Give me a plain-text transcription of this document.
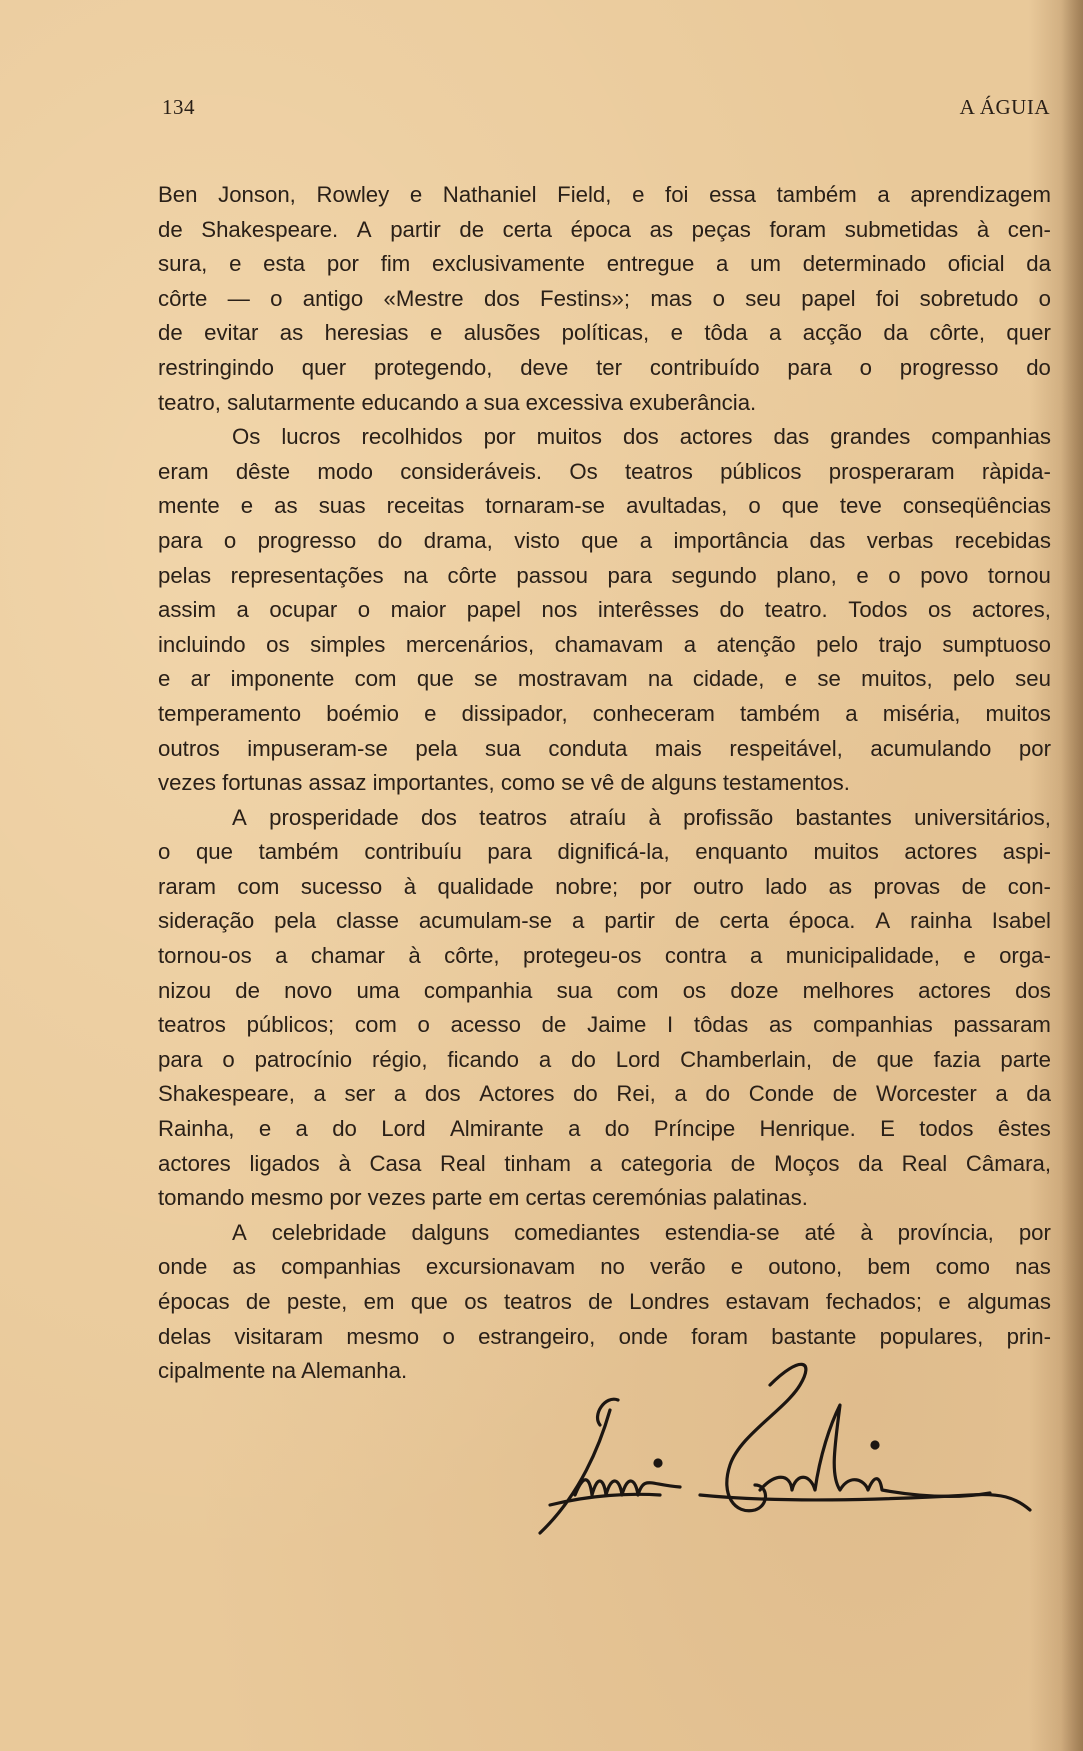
134	A ÁGUIA
Ben Jonson, Rowley e Nathaniel Field, e foi essa também a aprendizagem
de Shakespeare. A partir de certa época as peças foram submetidas à cen-
sura, e esta por fim exclusivamente entregue a um determinado oficial da
côrte — o antigo «Mestre dos Festins»; mas o seu papel foi sobretudo o
de evitar as heresias e alusões políticas, e tôda a acção da côrte, quer
restringindo quer protegendo, deve ter contribuído para o progresso do
teatro, salutarmente educando a sua excessiva exuberância.
Os lucros recolhidos por muitos dos actores das grandes companhias
eram dêste modo consideráveis. Os teatros públicos prosperaram ràpida-
mente e as suas receitas tornaram-se avultadas, o que teve conseqüências
para o progresso do drama, visto que a importância das verbas recebidas
pelas representações na côrte passou para segundo plano, e o povo tornou
assim a ocupar o maior papel nos interêsses do teatro. Todos os actores,
incluindo os simples mercenários, chamavam a atenção pelo trajo sumptuoso
e ar imponente com que se mostravam na cidade, e se muitos, pelo seu
temperamento boémio e dissipador, conheceram também a miséria, muitos
outros impuseram-se pela sua conduta mais respeitável, acumulando por
vezes fortunas assaz importantes, como se vê de alguns testamentos.
A prosperidade dos teatros atraíu à profissão bastantes universitários,
o que também contribuíu para dignificá-la, enquanto muitos actores aspi-
raram com sucesso à qualidade nobre; por outro lado as provas de con-
sideração pela classe acumulam-se a partir de certa época. A rainha Isabel
tornou-os a chamar à côrte, protegeu-os contra a municipalidade, e orga-
nizou de novo uma companhia sua com os doze melhores actores dos
teatros públicos; com o acesso de Jaime I tôdas as companhias passaram
para o patrocínio régio, ficando a do Lord Chamberlain, de que fazia parte
Shakespeare, a ser a dos Actores do Rei, a do Conde de Worcester a da
Rainha, e a do Lord Almirante a do Príncipe Henrique. E todos êstes
actores ligados à Casa Real tinham a categoria de Moços da Real Câmara,
tomando mesmo por vezes parte em certas ceremónias palatinas.
A celebridade dalguns comediantes estendia-se até à província, por
onde as companhias excursionavam no verão e outono, bem como nas
épocas de peste, em que os teatros de Londres estavam fechados; e algumas
delas visitaram mesmo o estrangeiro, onde foram bastante populares, prin-
cipalmente na Alemanha.
